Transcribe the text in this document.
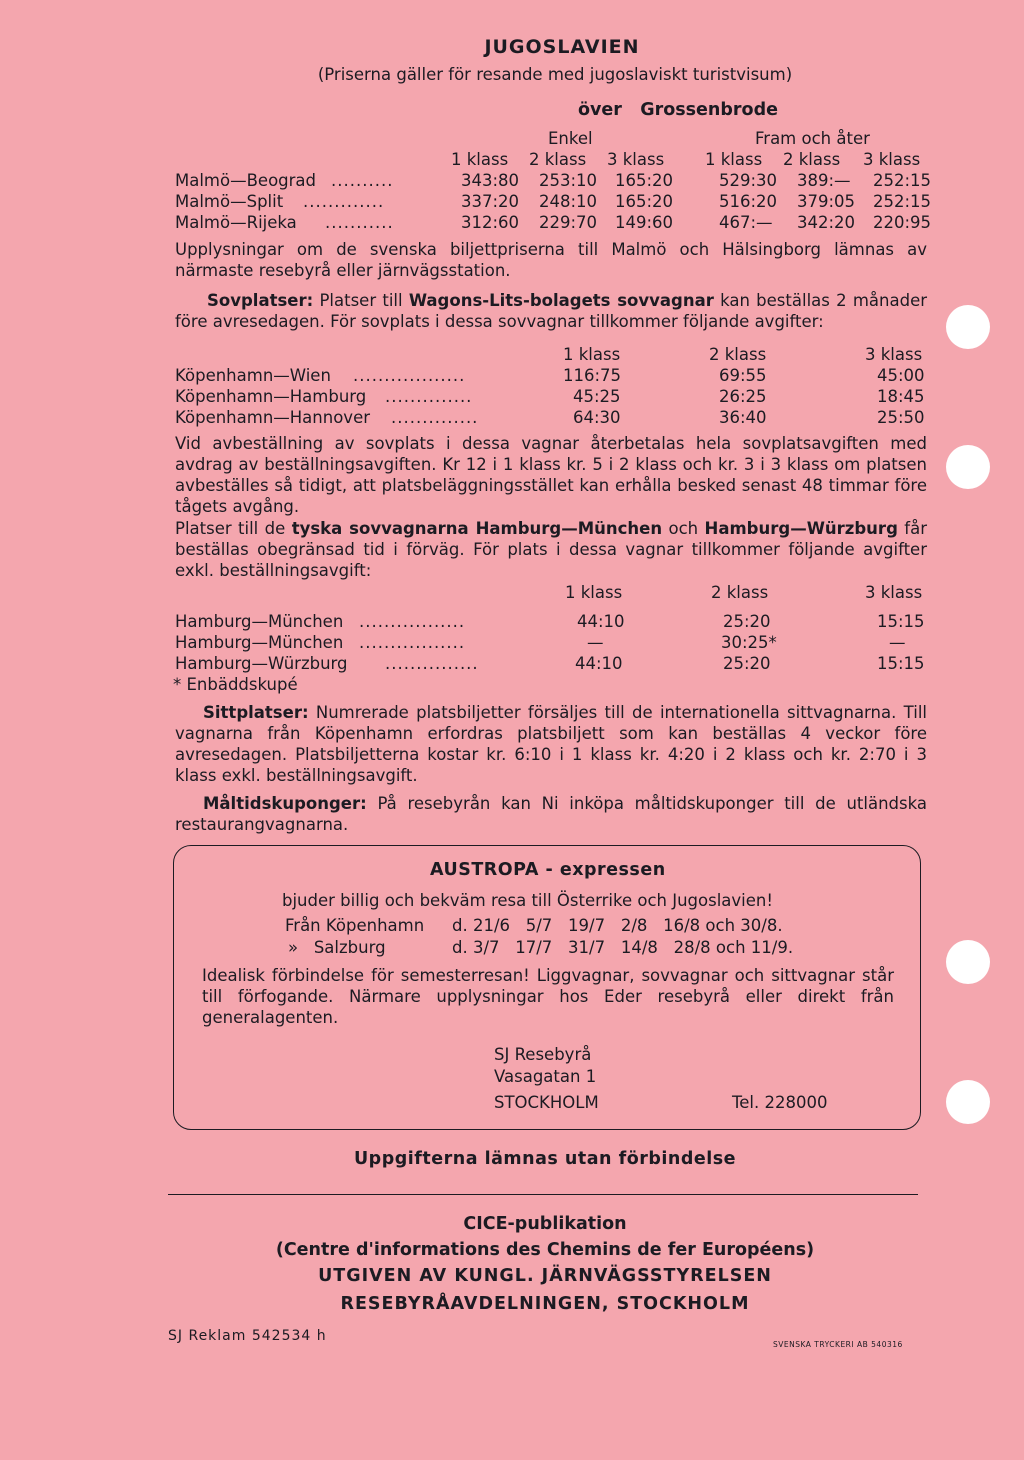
JUGOSLAVIEN
(Priserna gäller för resande med jugoslaviskt turistvisum)
över   Grossenbrode
Enkel	Fram och åter
1 klass 2 klass 3 klass 1 klass 2 klass 3 klass
Malmö—Beograd ..........	343:80 253:10 165:20	529:30 389:— 252:15
Malmö—Split .............	337:20 248:10 165:20	516:20 379:05 252:15
Malmö—Rijeka ...........	312:60 229:70 149:60	467:— 342:20 220:95
Upplysningar om de svenska biljettpriserna till Malmö och Hälsingborg lämnas av närmaste resebyrå eller järnvägsstation.
Sovplatser: Platser till Wagons-Lits-bolagets sovvagnar kan beställas 2 månader före avresedagen. För sovplats i dessa sovvagnar tillkommer följande avgifter:
1 klass	2 klass	3 klass
Köpenhamn—Wien ..................	116:75	69:55	45:00
Köpenhamn—Hamburg ..............	45:25	26:25	18:45
Köpenhamn—Hannover ..............	64:30	36:40	25:50
Vid avbeställning av sovplats i dessa vagnar återbetalas hela sovplatsavgiften med avdrag av beställningsavgiften. Kr 12 i 1 klass kr. 5 i 2 klass och kr. 3 i 3 klass om platsen avbeställes så tidigt, att platsbeläggningsstället kan erhålla besked senast 48 timmar före tågets avgång.
Platser till de tyska sovvagnarna Hamburg—München och Hamburg—Würzburg får beställas obegränsad tid i förväg. För plats i dessa vagnar tillkommer följande avgifter exkl. beställningsavgift:
1 klass	2 klass	3 klass
Hamburg—München .................	44:10	25:20	15:15
Hamburg—München .................	—	30:25*	—
Hamburg—Würzburg ...............	44:10	25:20	15:15
* Enbäddskupé
Sittplatser: Numrerade platsbiljetter försäljes till de internationella sittvagnarna. Till vagnarna från Köpenhamn erfordras platsbiljett som kan beställas 4 veckor före avresedagen. Platsbiljetterna kostar kr. 6:10 i 1 klass kr. 4:20 i 2 klass och kr. 2:70 i 3 klass exkl. beställningsavgift.
Måltidskuponger: På resebyrån kan Ni inköpa måltidskuponger till de utländska restaurangvagnarna.
AUSTROPA - expressen
bjuder billig och bekväm resa till Österrike och Jugoslavien!
Från Köpenhamn d. 21/6   5/7   19/7   2/8   16/8 och 30/8.
»   Salzburg	d. 3/7   17/7   31/7   14/8   28/8 och 11/9.
Idealisk förbindelse för semesterresan! Liggvagnar, sovvagnar och sittvagnar står till förfogande. Närmare upplysningar hos Eder resebyrå eller direkt från generalagenten.
SJ Resebyrå
Vasagatan 1
STOCKHOLM	Tel. 228000
Uppgifterna lämnas utan förbindelse
CICE-publikation
(Centre d'informations des Chemins de fer Européens)
UTGIVEN AV KUNGL. JÄRNVÄGSSTYRELSEN
RESEBYRÅAVDELNINGEN, STOCKHOLM
SJ Reklam 542534 h
SVENSKA TRYCKERI AB 540316
